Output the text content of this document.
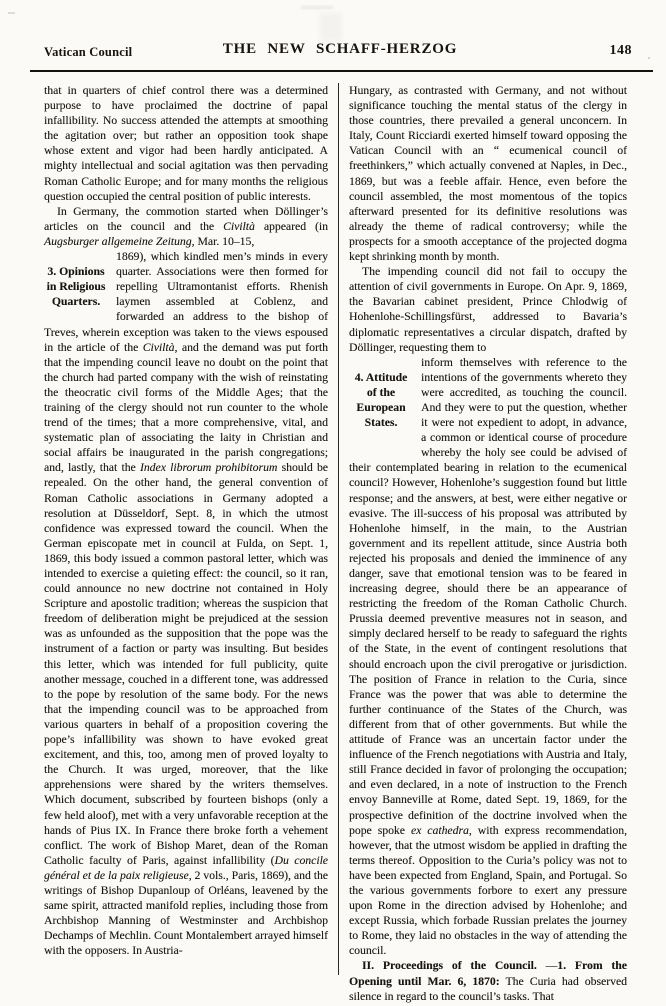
Vatican Council	THE NEW SCHAFF-HERZOG	148

that in quarters of chief control there was a determined purpose to have proclaimed the doctrine of papal infallibility. No success attended the attempts at smoothing the agitation over; but rather an opposition took shape whose extent and vigor had been hardly anticipated. A mighty intellectual and social agitation was then pervading Roman Catholic Europe; and for many months the religious question occupied the central position of public interests.

In Germany, the commotion started when Döllinger’s articles on the council and the Civiltà appeared (in Augsburger allgemeine Zeitung, Mar. 10–15,

3. Opinions
in Religious
Quarters.
1869), which kindled men’s minds in every quarter. Associations were then formed for repelling Ultramontanist efforts. Rhenish laymen assembled at Coblenz, and forwarded an address to the bishop of Treves, wherein exception was taken to the views espoused in the article of the Civiltà, and the demand was put forth that the impending council leave no doubt on the point that the church had parted company with the wish of reinstating the theocratic civil forms of the Middle Ages; that the training of the clergy should not run counter to the whole trend of the times; that a more comprehensive, vital, and systematic plan of associating the laity in Christian and social affairs be inaugurated in the parish congregations; and, lastly, that the Index librorum prohibitorum should be repealed. On the other hand, the general convention of Roman Catholic associations in Germany adopted a resolution at Düsseldorf, Sept. 8, in which the utmost confidence was expressed toward the council. When the German episcopate met in council at Fulda, on Sept. 1, 1869, this body issued a common pastoral letter, which was intended to exercise a quieting effect: the council, so it ran, could announce no new doctrine not contained in Holy Scripture and apostolic tradition; whereas the suspicion that freedom of deliberation might be prejudiced at the session was as unfounded as the supposition that the pope was the instrument of a faction or party was insulting. But besides this letter, which was intended for full publicity, quite another message, couched in a different tone, was addressed to the pope by resolution of the same body. For the news that the impending council was to be approached from various quarters in behalf of a proposition covering the pope’s infallibility was shown to have evoked great excitement, and this, too, among men of proved loyalty to the Church. It was urged, moreover, that the like apprehensions were shared by the writers themselves. Which document, subscribed by fourteen bishops (only a few held aloof), met with a very unfavorable reception at the hands of Pius IX. In France there broke forth a vehement conflict. The work of Bishop Maret, dean of the Roman Catholic faculty of Paris, against infallibility (Du concile général et de la paix religieuse, 2 vols., Paris, 1869), and the writings of Bishop Dupanloup of Orléans, leavened by the same spirit, attracted manifold replies, including those from Archbishop Manning of Westminster and Archbishop Dechamps of Mechlin. Count Montalembert arrayed himself with the opposers. In Austria-

Hungary, as contrasted with Germany, and not without significance touching the mental status of the clergy in those countries, there prevailed a general unconcern. In Italy, Count Ricciardi exerted himself toward opposing the Vatican Council with an “ ecumenical council of freethinkers,” which actually convened at Naples, in Dec., 1869, but was a feeble affair. Hence, even before the council assembled, the most momentous of the topics afterward presented for its definitive resolutions was already the theme of radical controversy; while the prospects for a smooth acceptance of the projected dogma kept shrinking month by month.

The impending council did not fail to occupy the attention of civil governments in Europe. On Apr. 9, 1869, the Bavarian cabinet president, Prince Chlodwig of Hohenlohe-Schillingsfürst, addressed to Bavaria’s diplomatic representatives a circular dispatch, drafted by Döllinger, requesting them to

4. Attitude
of the
European
States.
inform themselves with reference to the intentions of the governments whereto they were accredited, as touching the council. And they were to put the question, whether it were not expedient to adopt, in advance, a common or identical course of procedure whereby the holy see could be advised of their contemplated bearing in relation to the ecumenical council? However, Hohenlohe’s suggestion found but little response; and the answers, at best, were either negative or evasive. The ill-success of his proposal was attributed by Hohenlohe himself, in the main, to the Austrian government and its repellent attitude, since Austria both rejected his proposals and denied the imminence of any danger, save that emotional tension was to be feared in increasing degree, should there be an appearance of restricting the freedom of the Roman Catholic Church. Prussia deemed preventive measures not in season, and simply declared herself to be ready to safeguard the rights of the State, in the event of contingent resolutions that should encroach upon the civil prerogative or jurisdiction. The position of France in relation to the Curia, since France was the power that was able to determine the further continuance of the States of the Church, was different from that of other governments. But while the attitude of France was an uncertain factor under the influence of the French negotiations with Austria and Italy, still France decided in favor of prolonging the occupation; and even declared, in a note of instruction to the French envoy Banneville at Rome, dated Sept. 19, 1869, for the prospective definition of the doctrine involved when the pope spoke ex cathedra, with express recommendation, however, that the utmost wisdom be applied in drafting the terms thereof. Opposition to the Curia’s policy was not to have been expected from England, Spain, and Portugal. So the various governments forbore to exert any pressure upon Rome in the direction advised by Hohenlohe; and except Russia, which forbade Russian prelates the journey to Rome, they laid no obstacles in the way of attending the council.

II. Proceedings of the Council. —1. From the Opening until Mar. 6, 1870: The Curia had observed silence in regard to the council’s tasks. That
